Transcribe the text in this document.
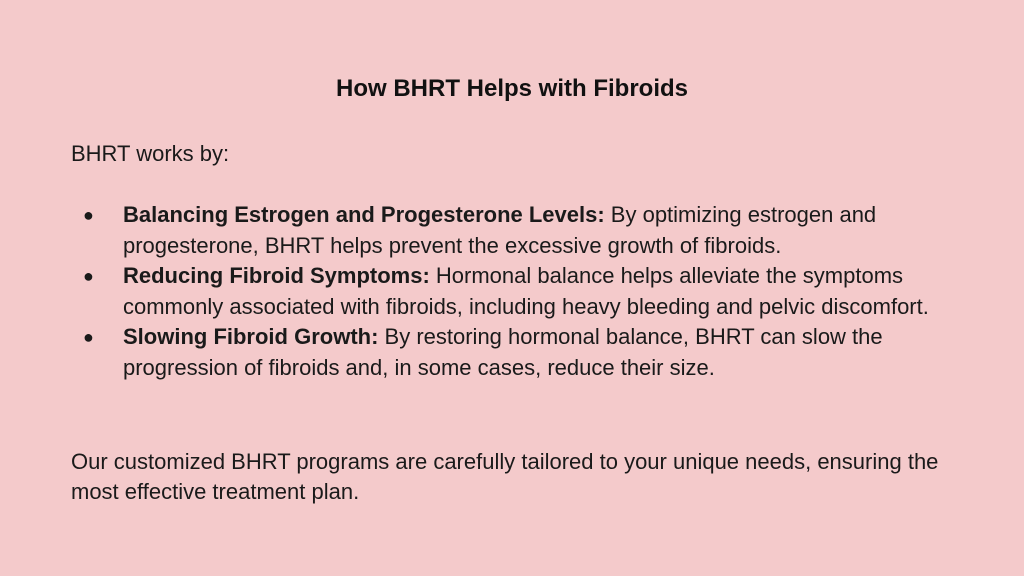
How BHRT Helps with Fibroids
BHRT works by:
● Balancing Estrogen and Progesterone Levels: By optimizing estrogen and progesterone, BHRT helps prevent the excessive growth of fibroids.
● Reducing Fibroid Symptoms: Hormonal balance helps alleviate the symptoms commonly associated with fibroids, including heavy bleeding and pelvic discomfort.
● Slowing Fibroid Growth: By restoring hormonal balance, BHRT can slow the progression of fibroids and, in some cases, reduce their size.
Our customized BHRT programs are carefully tailored to your unique needs, ensuring the most effective treatment plan.
